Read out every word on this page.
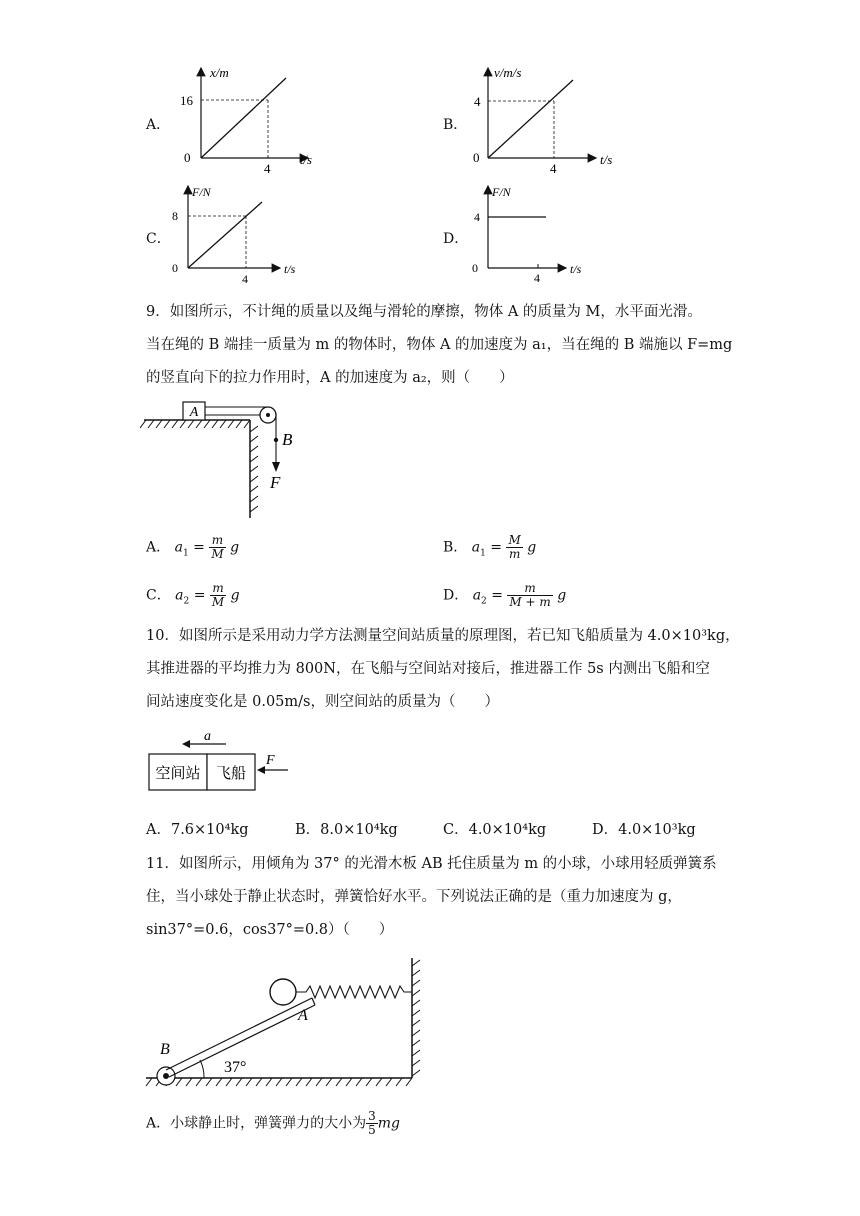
A．
x/m
t/s
0
16
4
B．
v/m/s
t/s
0
4
4
C．
F/N
t/s
0
8
4
D．
F/N
t/s
0
4
4
9．如图所示，不计绳的质量以及绳与滑轮的摩擦，物体 A 的质量为 M，水平面光滑。
当在绳的 B 端挂一质量为 m 的物体时，物体 A 的加速度为 a₁，当在绳的 B 端施以 F=mg
的竖直向下的拉力作用时，A 的加速度为 a₂，则（　　）
A
B
F
A． $a_1 = \frac{m}{M}$ g	B． $a_1 = \frac{M}{m}$ g
C． $a_2 = \frac{m}{M}$ g	D． $a_2 = \frac{m}{M + m}$ g
10．如图所示是采用动力学方法测量空间站质量的原理图，若已知飞船质量为 4.0×10³kg，
其推进器的平均推力为 800N，在飞船与空间站对接后，推进器工作 5s 内测出飞船和空
间站速度变化是 0.05m/s，则空间站的质量为（　　）
a
空间站 飞船
F
A．7.6×10⁴kg	B．8.0×10⁴kg	C．4.0×10⁴kg	D．4.0×10³kg
11．如图所示，用倾角为 37° 的光滑木板 AB 托住质量为 m 的小球，小球用轻质弹簧系
住，当小球处于静止状态时，弹簧恰好水平。下列说法正确的是（重力加速度为 g，
sin37°=0.6，cos37°=0.8）（　　）
B
37°
A
A．小球静止时，弹簧弹力的大小为 $\frac{3}{5}$ mg
